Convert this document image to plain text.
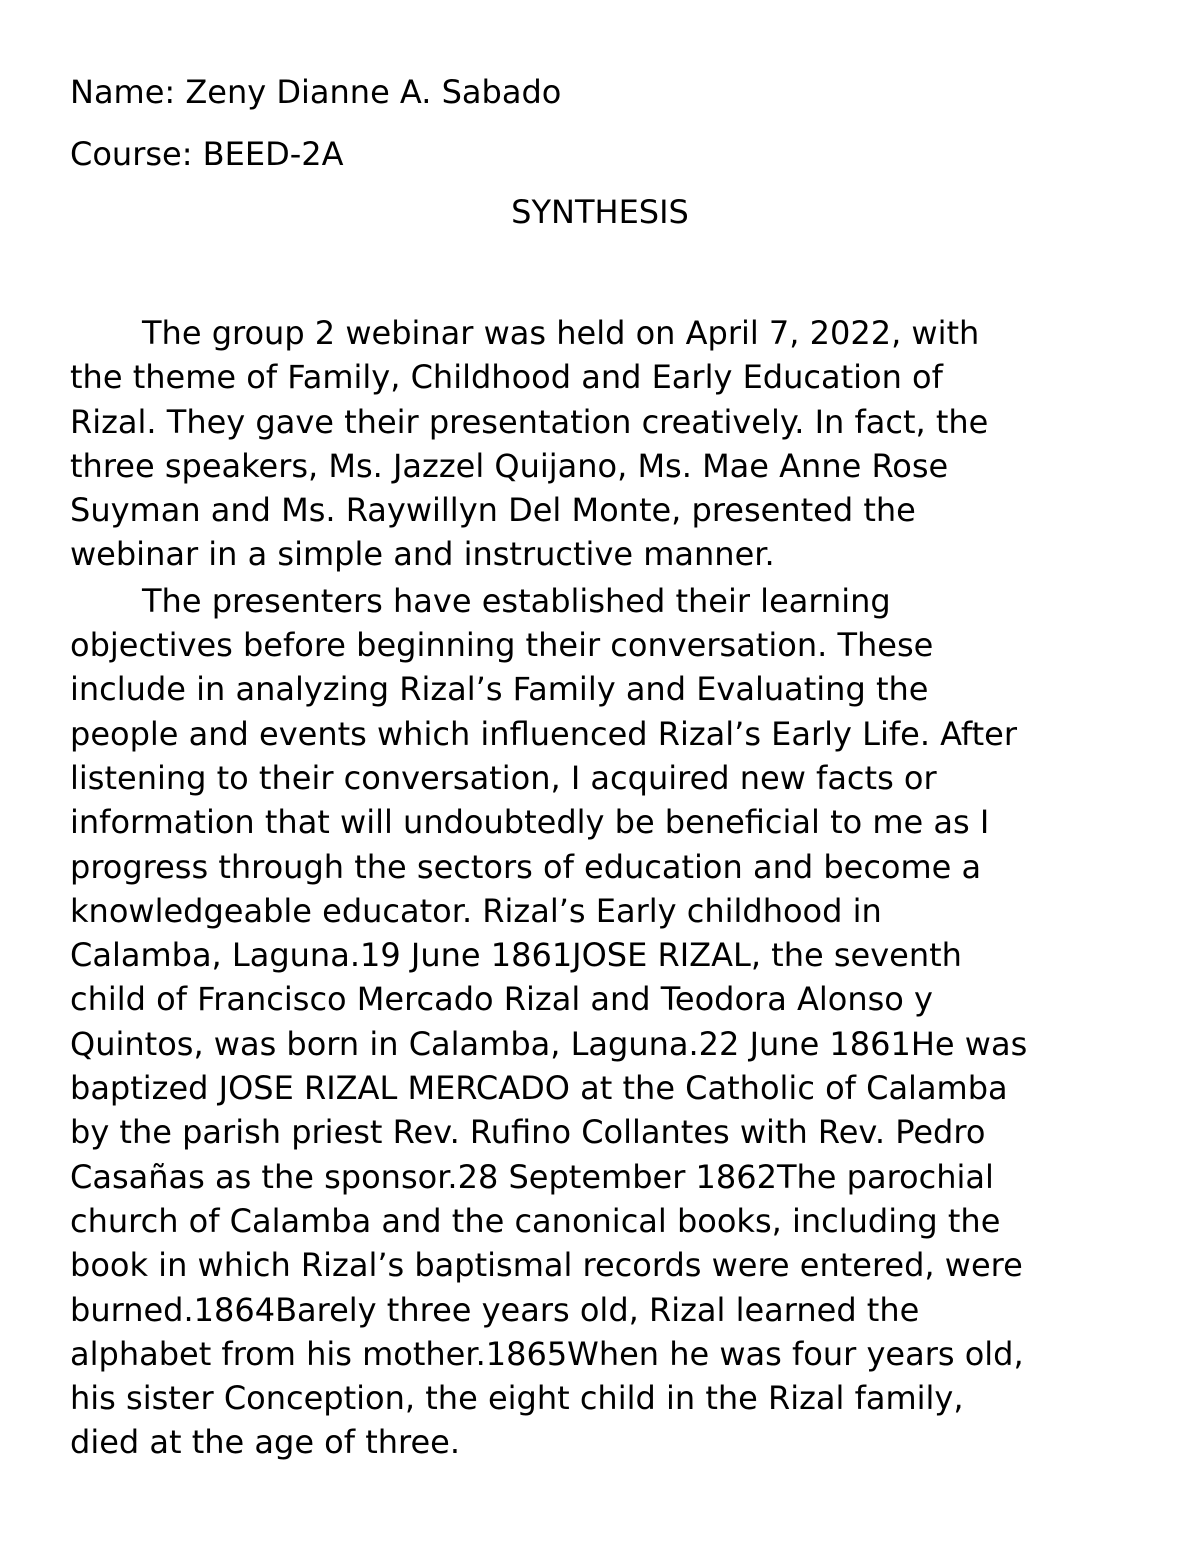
Name: Zeny Dianne A. Sabado
Course: BEED-2A
SYNTHESIS

The group 2 webinar was held on April 7, 2022, with
the theme of Family, Childhood and Early Education of
Rizal. They gave their presentation creatively. In fact, the
three speakers, Ms. Jazzel Quijano, Ms. Mae Anne Rose
Suyman and Ms. Raywillyn Del Monte, presented the
webinar in a simple and instructive manner.

The presenters have established their learning
objectives before beginning their conversation. These
include in analyzing Rizal’s Family and Evaluating the
people and events which influenced Rizal’s Early Life. After
listening to their conversation, I acquired new facts or
information that will undoubtedly be beneficial to me as I
progress through the sectors of education and become a
knowledgeable educator. Rizal’s Early childhood in
Calamba, Laguna.19 June 1861JOSE RIZAL, the seventh
child of Francisco Mercado Rizal and Teodora Alonso y
Quintos, was born in Calamba, Laguna.22 June 1861He was
baptized JOSE RIZAL MERCADO at the Catholic of Calamba
by the parish priest Rev. Rufino Collantes with Rev. Pedro
Casañas as the sponsor.28 September 1862The parochial
church of Calamba and the canonical books, including the
book in which Rizal’s baptismal records were entered, were
burned.1864Barely three years old, Rizal learned the
alphabet from his mother.1865When he was four years old,
his sister Conception, the eight child in the Rizal family,
died at the age of three.
